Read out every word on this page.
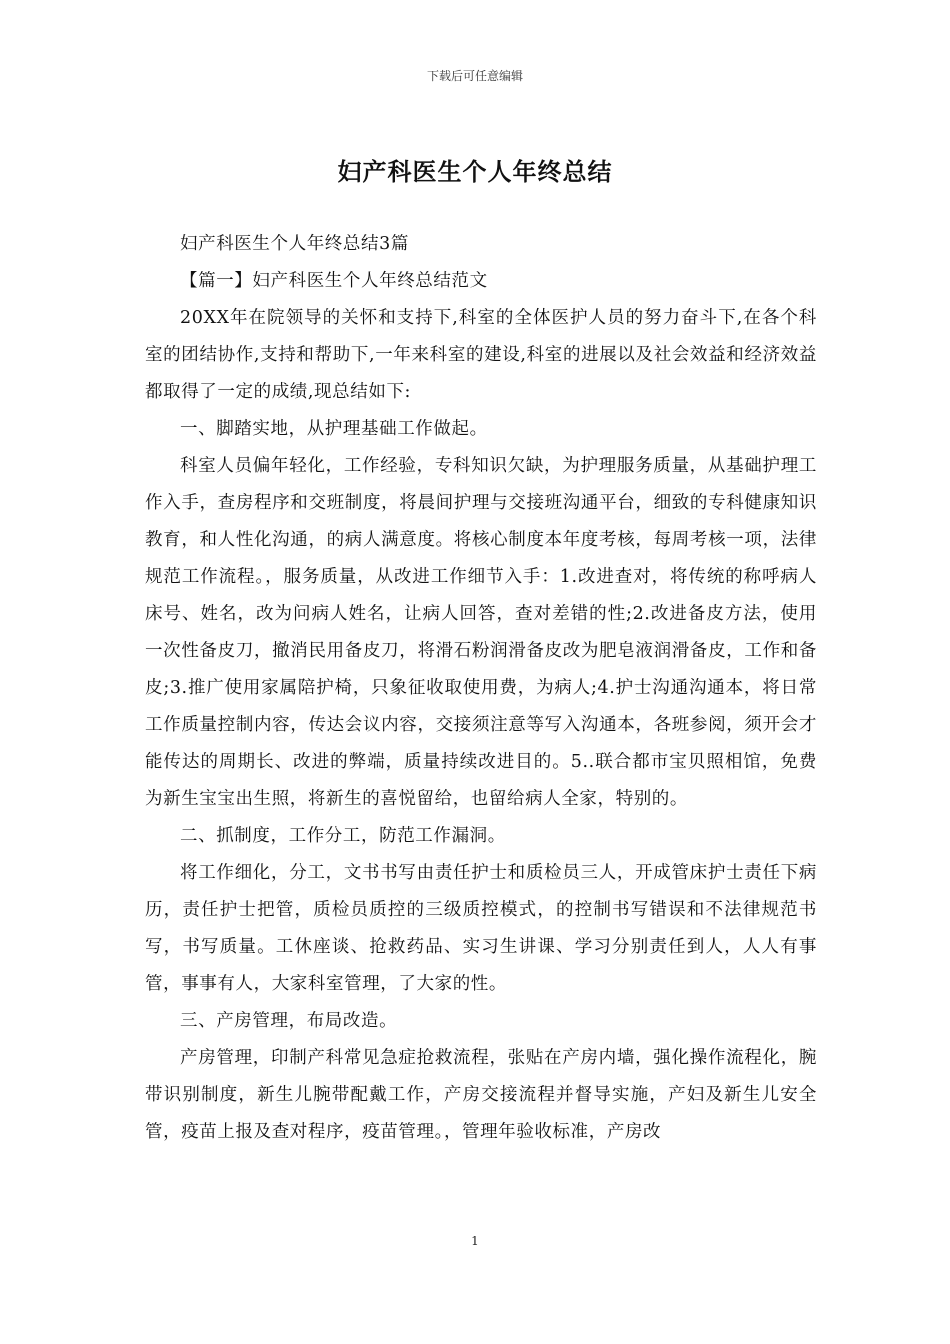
下载后可任意编辑
妇产科医生个人年终总结

妇产科医生个人年终总结3篇

【篇一】妇产科医生个人年终总结范文

20XX年在院领导的关怀和支持下,科室的全体医护人员的努力奋斗下,在各个科室的团结协作,支持和帮助下,一年来科室的建设,科室的进展以及社会效益和经济效益都取得了一定的成绩,现总结如下:

一、脚踏实地，从护理基础工作做起。

科室人员偏年轻化，工作经验，专科知识欠缺，为护理服务质量，从基础护理工作入手，查房程序和交班制度，将晨间护理与交接班沟通平台，细致的专科健康知识教育，和人性化沟通，的病人满意度。将核心制度本年度考核，每周考核一项，法律规范工作流程。，服务质量，从改进工作细节入手：1.改进查对，将传统的称呼病人床号、姓名，改为问病人姓名，让病人回答，查对差错的性;2.改进备皮方法，使用一次性备皮刀，撤消民用备皮刀，将滑石粉润滑备皮改为肥皂液润滑备皮，工作和备皮;3.推广使用家属陪护椅，只象征收取使用费，为病人;4.护士沟通沟通本，将日常工作质量控制内容，传达会议内容，交接须注意等写入沟通本，各班参阅，须开会才能传达的周期长、改进的弊端，质量持续改进目的。5..联合都市宝贝照相馆，免费为新生宝宝出生照，将新生的喜悦留给，也留给病人全家，特别的。

二、抓制度，工作分工，防范工作漏洞。

将工作细化，分工，文书书写由责任护士和质检员三人，开成管床护士责任下病历，责任护士把管，质检员质控的三级质控模式，的控制书写错误和不法律规范书写，书写质量。工休座谈、抢救药品、实习生讲课、学习分别责任到人，人人有事管，事事有人，大家科室管理，了大家的性。

三、产房管理，布局改造。

产房管理，印制产科常见急症抢救流程，张贴在产房内墙，强化操作流程化，腕带识别制度，新生儿腕带配戴工作，产房交接流程并督导实施，产妇及新生儿安全管，疫苗上报及查对程序，疫苗管理。，管理年验收标准，产房改

1
